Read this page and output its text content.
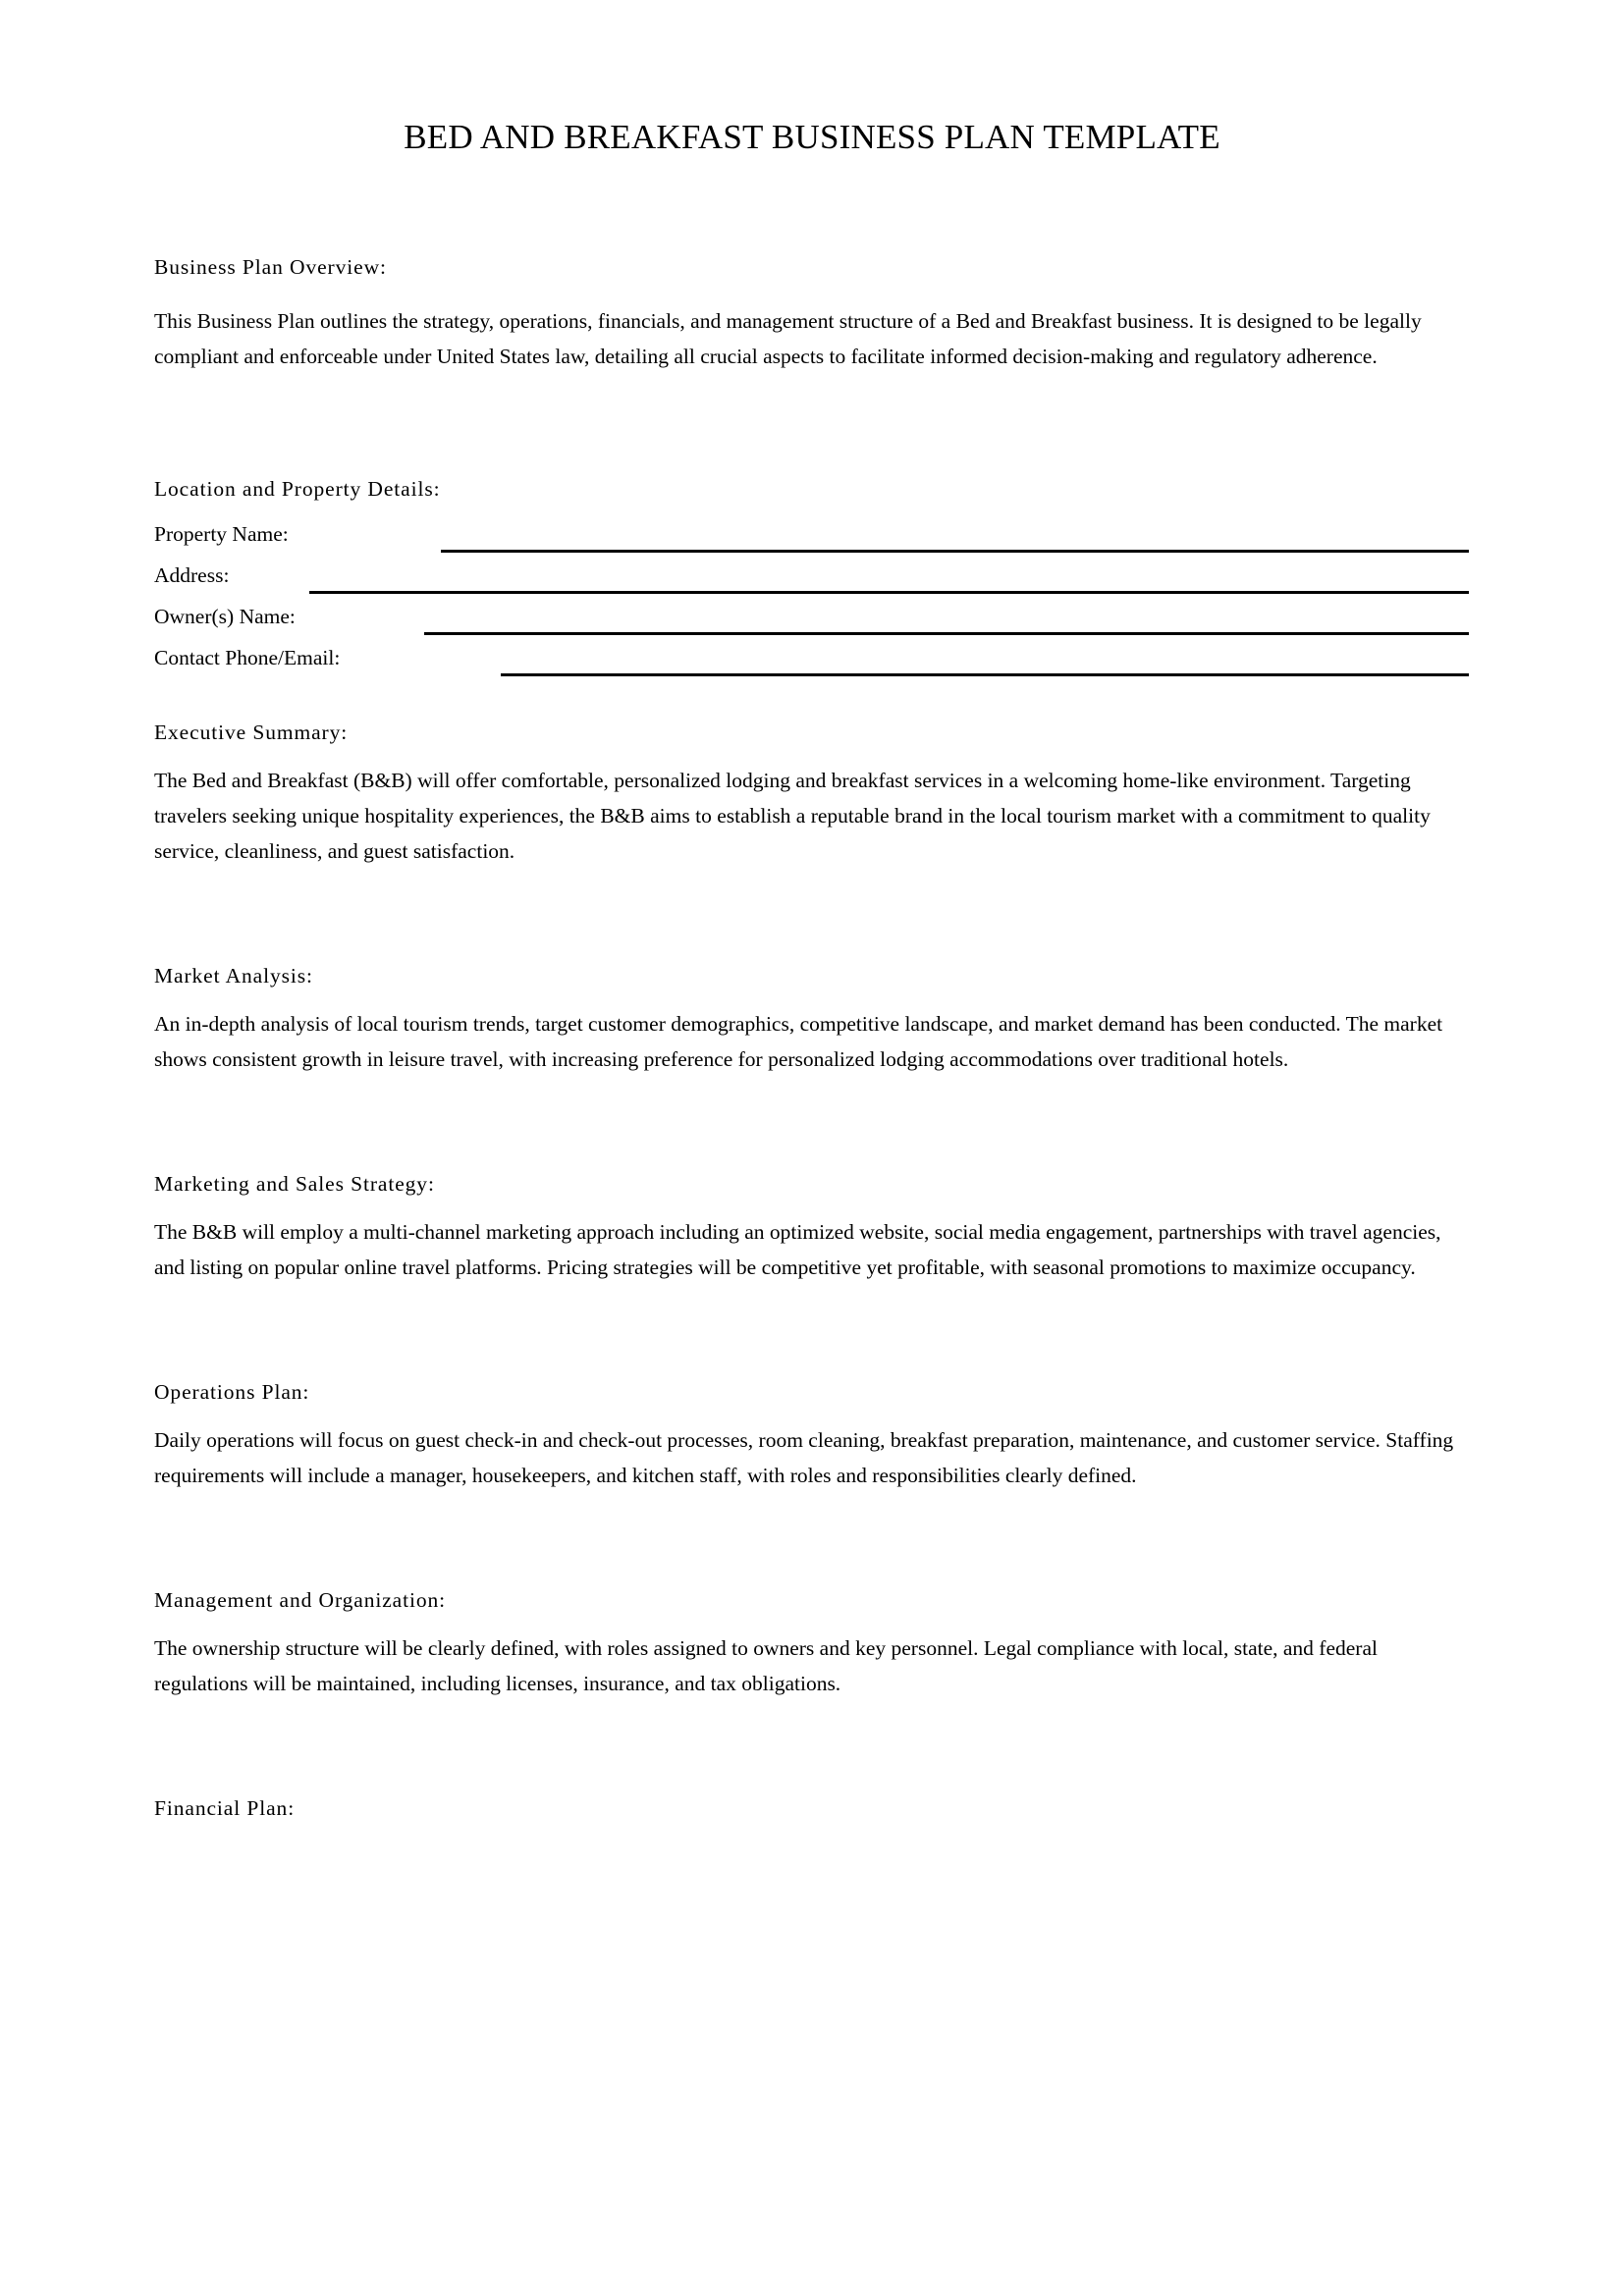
BED AND BREAKFAST BUSINESS PLAN TEMPLATE

Business Plan Overview:

This Business Plan outlines the strategy, operations, financials, and management structure of a Bed and Breakfast business. It is designed to be legally compliant and enforceable under United States law, detailing all crucial aspects to facilitate informed decision-making and regulatory adherence.

Location and Property Details:

Property Name:
Address:
Owner(s) Name:
Contact Phone/Email:

Executive Summary:

The Bed and Breakfast (B&B) will offer comfortable, personalized lodging and breakfast services in a welcoming home-like environment. Targeting travelers seeking unique hospitality experiences, the B&B aims to establish a reputable brand in the local tourism market with a commitment to quality service, cleanliness, and guest satisfaction.

Market Analysis:

An in-depth analysis of local tourism trends, target customer demographics, competitive landscape, and market demand has been conducted. The market shows consistent growth in leisure travel, with increasing preference for personalized lodging accommodations over traditional hotels.

Marketing and Sales Strategy:

The B&B will employ a multi-channel marketing approach including an optimized website, social media engagement, partnerships with travel agencies, and listing on popular online travel platforms. Pricing strategies will be competitive yet profitable, with seasonal promotions to maximize occupancy.

Operations Plan:

Daily operations will focus on guest check-in and check-out processes, room cleaning, breakfast preparation, maintenance, and customer service. Staffing requirements will include a manager, housekeepers, and kitchen staff, with roles and responsibilities clearly defined.

Management and Organization:

The ownership structure will be clearly defined, with roles assigned to owners and key personnel. Legal compliance with local, state, and federal regulations will be maintained, including licenses, insurance, and tax obligations.

Financial Plan:
